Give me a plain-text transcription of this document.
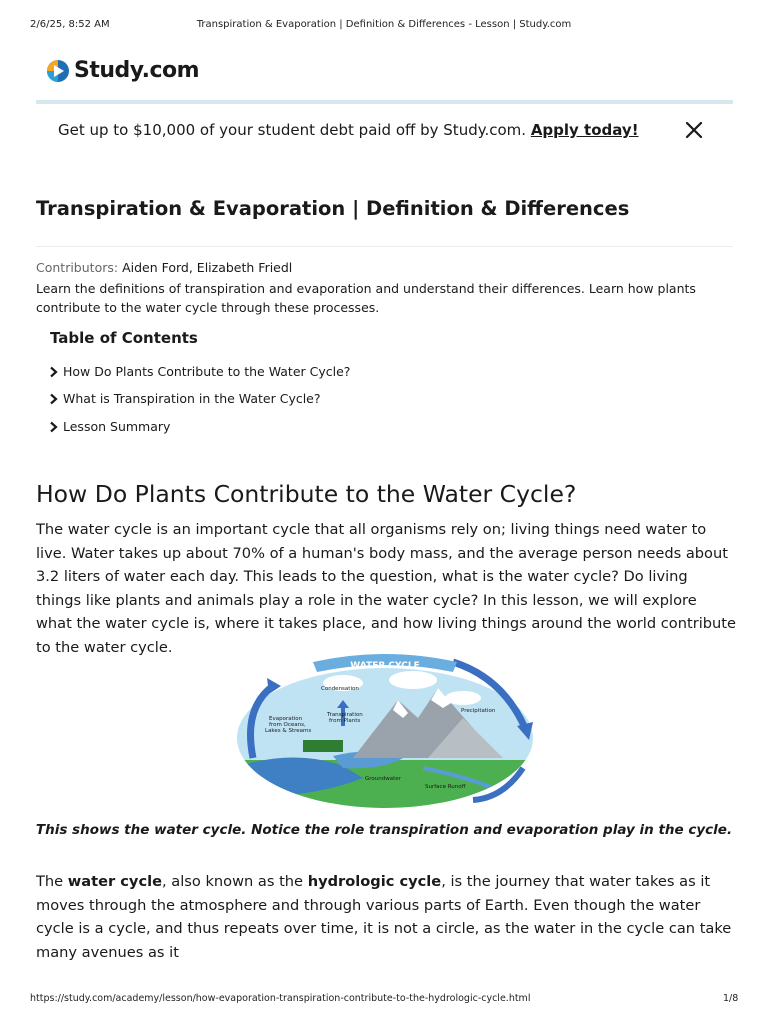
2/6/25, 8:52 AM	Transpiration & Evaporation | Definition & Differences - Lesson | Study.com
Study.com
Get up to $10,000 of your student debt paid off by Study.com. Apply today!
Transpiration & Evaporation | Definition & Differences
Contributors: Aiden Ford, Elizabeth Friedl

Learn the definitions of transpiration and evaporation and understand their differences. Learn how plants contribute to the water cycle through these processes.

Table of Contents
How Do Plants Contribute to the Water Cycle?
What is Transpiration in the Water Cycle?
Lesson Summary
How Do Plants Contribute to the Water Cycle?

The water cycle is an important cycle that all organisms rely on; living things need water to live. Water takes up about 70% of a human's body mass, and the average person needs about 3.2 liters of water each day. This leads to the question, what is the water cycle? Do living things like plants and animals play a role in the water cycle? In this lesson, we will explore what the water cycle is, where it takes place, and how living things around the world contribute to the water cycle.

WATER CYCLE
Condensation
Evaporation
from Oceans,
Lakes & Streams
Transpiration
from Plants
Precipitation
Groundwater
Surface Runoff
This shows the water cycle. Notice the role transpiration and evaporation play in the cycle.

The water cycle, also known as the hydrologic cycle, is the journey that water takes as it moves through the atmosphere and through various parts of Earth. Even though the water cycle is a cycle, and thus repeats over time, it is not a circle, as the water in the cycle can take many avenues as it

https://study.com/academy/lesson/how-evaporation-transpiration-contribute-to-the-hydrologic-cycle.html	1/8
